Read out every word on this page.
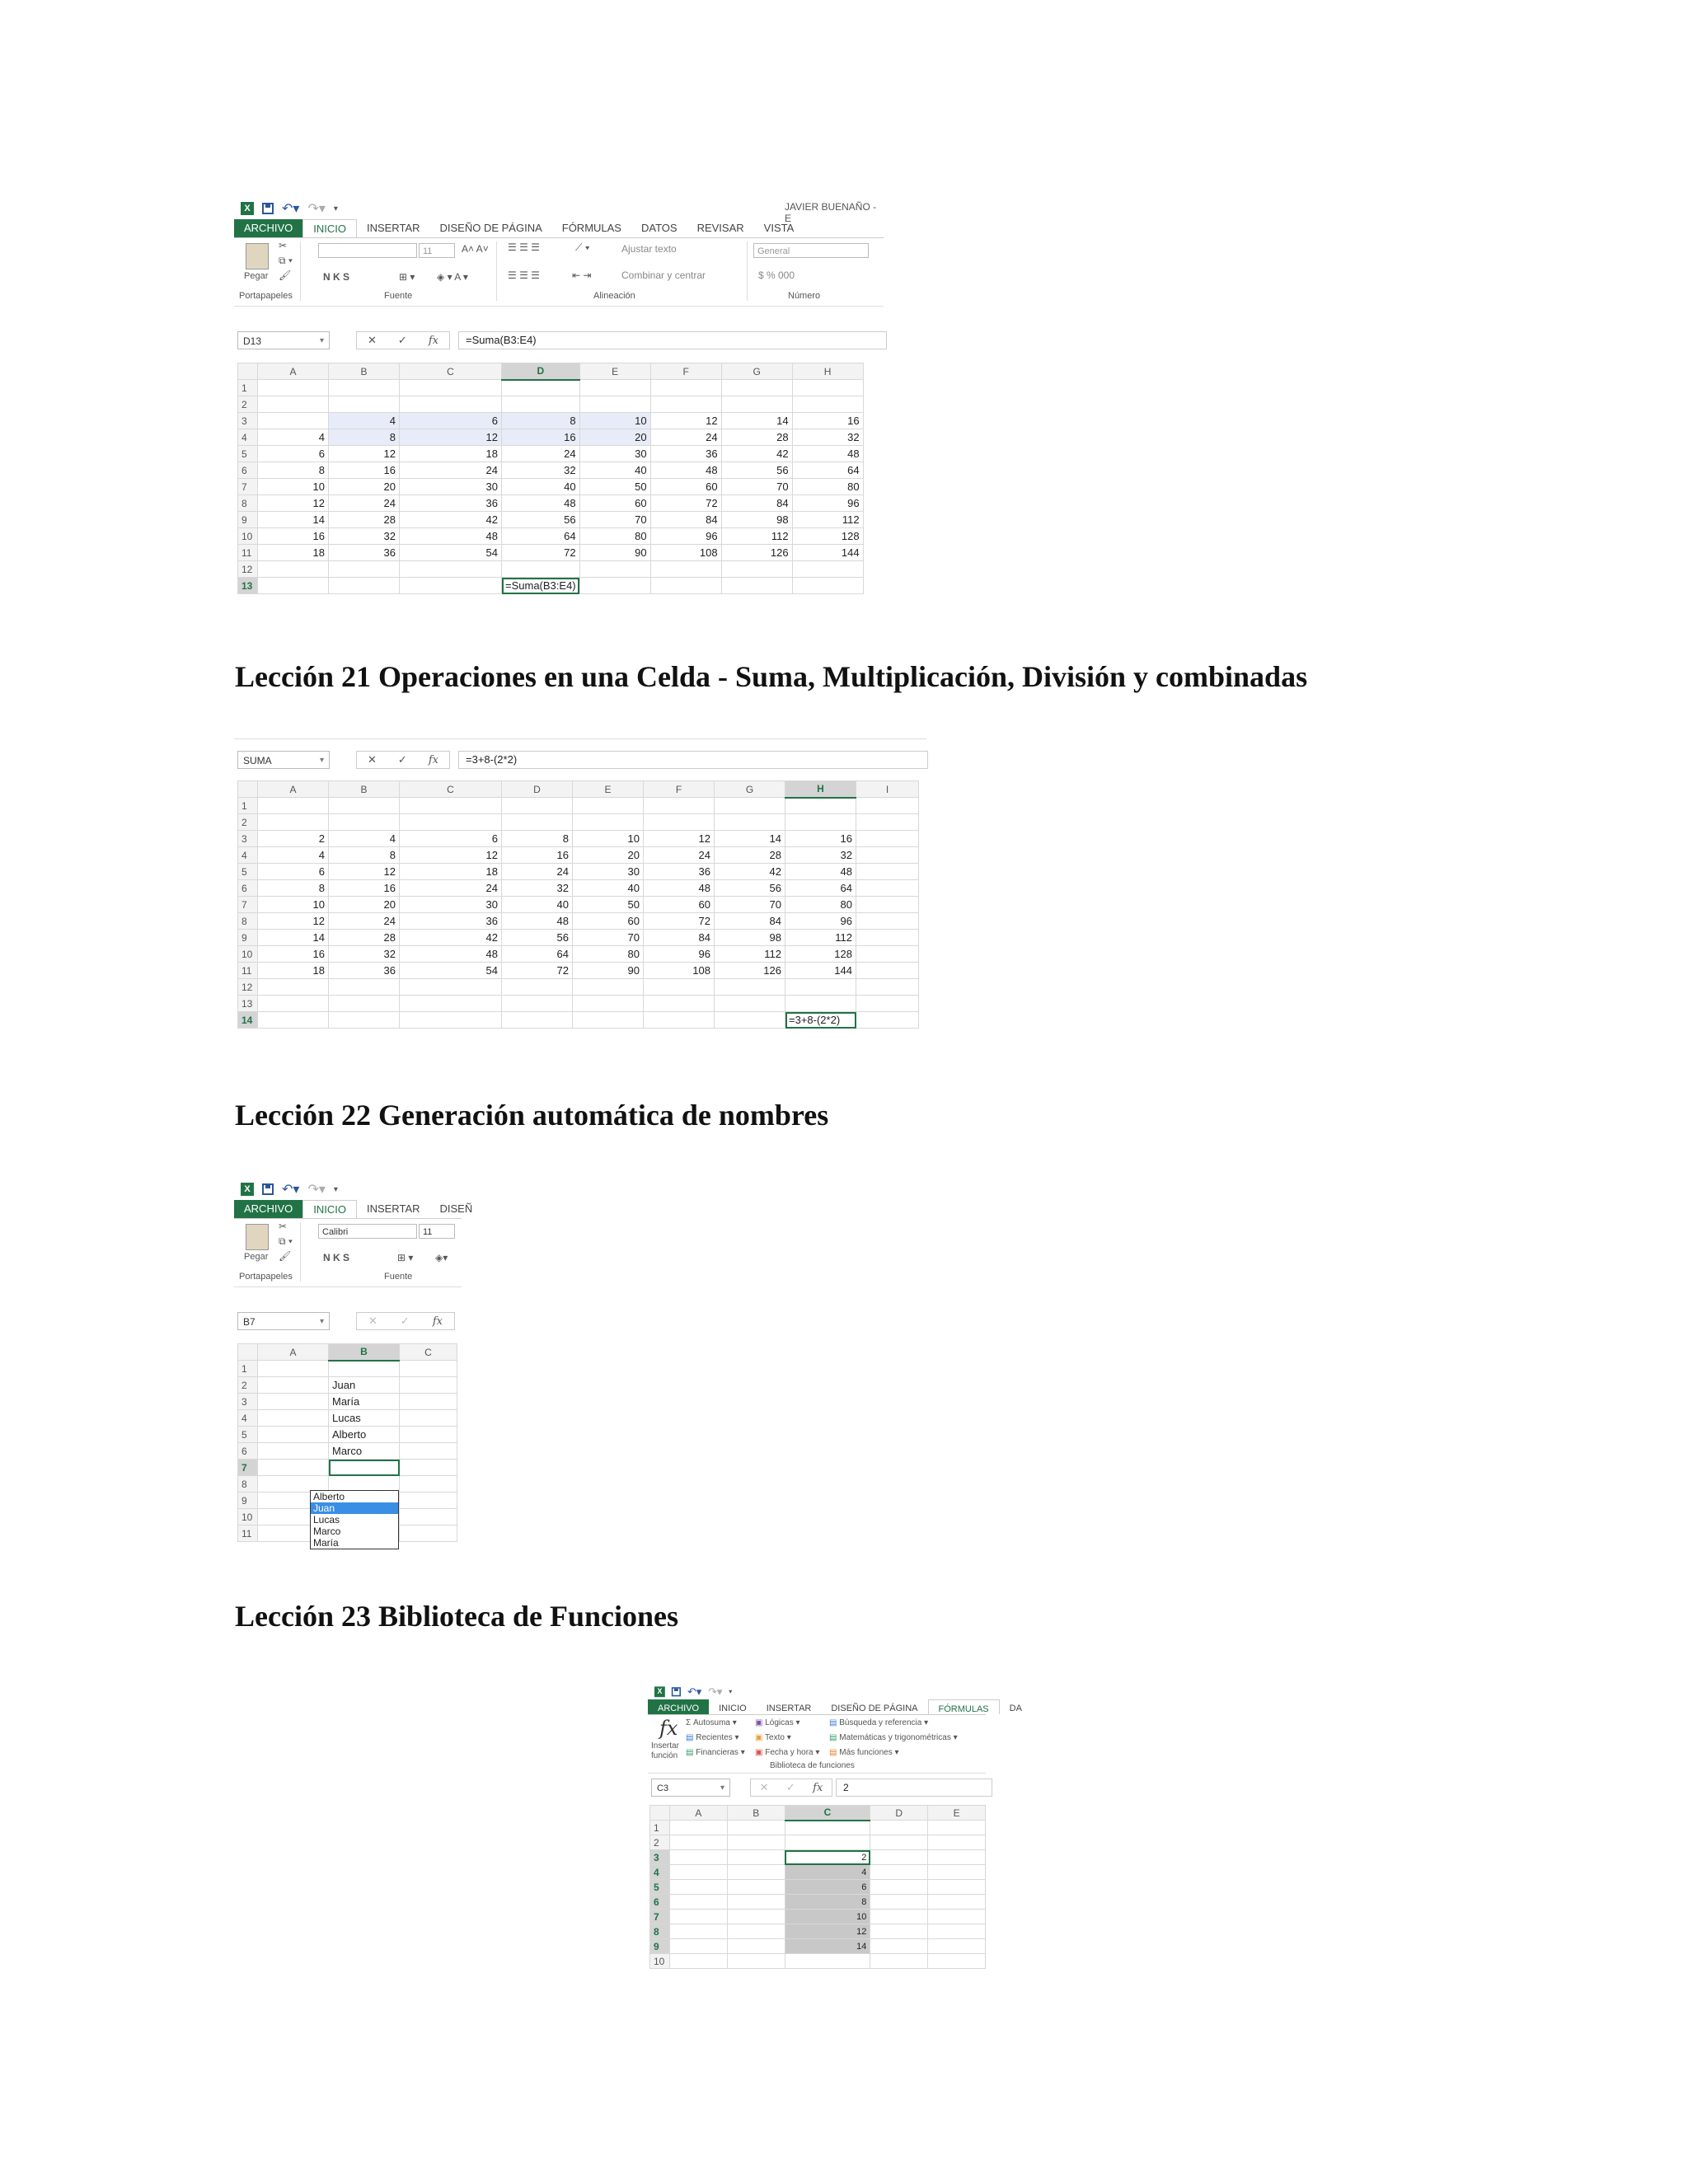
X ↶▾ ↷▾ ▾	JAVIER BUENAÑO - E
ARCHIVO	INICIO	INSERTAR	DISEÑO DE PÁGINA	FÓRMULAS	DATOS	REVISAR	VISTA
Pegar
✂
⧉ ▾
🖌
11	A˄ A˅
N K S	⊞ ▾ ◈ ▾ A ▾
☰ ☰ ☰	⟋ ▾
☰ ☰ ☰	⇤ ⇥
Ajustar texto
Combinar y centrar
General
$ % 000
Portapapeles	Fuente	Alineación	Número
D13 ▾	✕ ✓ fx	=Suma(B3:E4)
	A	B	C	D	E	F	G	H
1								
2								
3		4	6	8	10	12	14	16
4	4	8	12	16	20	24	28	32
5	6	12	18	24	30	36	42	48
6	8	16	24	32	40	48	56	64
7	10	20	30	40	50	60	70	80
8	12	24	36	48	60	72	84	96
9	14	28	42	56	70	84	98	112
10	16	32	48	64	80	96	112	128
11	18	36	54	72	90	108	126	144
12								
13				=Suma(B3:E4)				
Lección 21 Operaciones en una Celda - Suma, Multiplicación, División y combinadas
SUMA ▾	✕ ✓ fx	=3+8-(2*2)
	A	B	C	D	E	F	G	H	I
1									
2									
3	2	4	6	8	10	12	14	16	
4	4	8	12	16	20	24	28	32	
5	6	12	18	24	30	36	42	48	
6	8	16	24	32	40	48	56	64	
7	10	20	30	40	50	60	70	80	
8	12	24	36	48	60	72	84	96	
9	14	28	42	56	70	84	98	112	
10	16	32	48	64	80	96	112	128	
11	18	36	54	72	90	108	126	144	
12									
13									
14								=3+8-(2*2)	
Lección 22 Generación automática de nombres
X ↶▾ ↷▾ ▾
ARCHIVO	INICIO	INSERTAR	DISEÑ
Pegar
✂
⧉ ▾
🖌
Calibri	11
N K S	⊞ ▾ ◈▾
Portapapeles	Fuente
B7 ▾	✕ ✓ fx
	A	B	C
1			
2		Juan	
3		María	
4		Lucas	
5		Alberto	
6		Marco	
7			
8			
9			
10			
11			
Alberto
Juan
Lucas
Marco
María
Lección 23 Biblioteca de Funciones
X ↶▾ ↷▾ ▾
ARCHIVO	INICIO	INSERTAR	DISEÑO DE PÁGINA	FÓRMULAS	DA
fx
Insertar función
Σ Autosuma ▾ ▣ Lógicas ▾	▤ Búsqueda y referencia ▾
▤ Recientes ▾ ▣ Texto ▾	▤ Matemáticas y trigonométricas ▾
▤ Financieras ▾ ▣ Fecha y hora ▾ ▤ Más funciones ▾
Biblioteca de funciones
C3 ▾	✕ ✓ fx	2
	A	B	C	D	E
1					
2					
3			2		
4			4		
5			6		
6			8		
7			10		
8			12		
9			14		
10					
